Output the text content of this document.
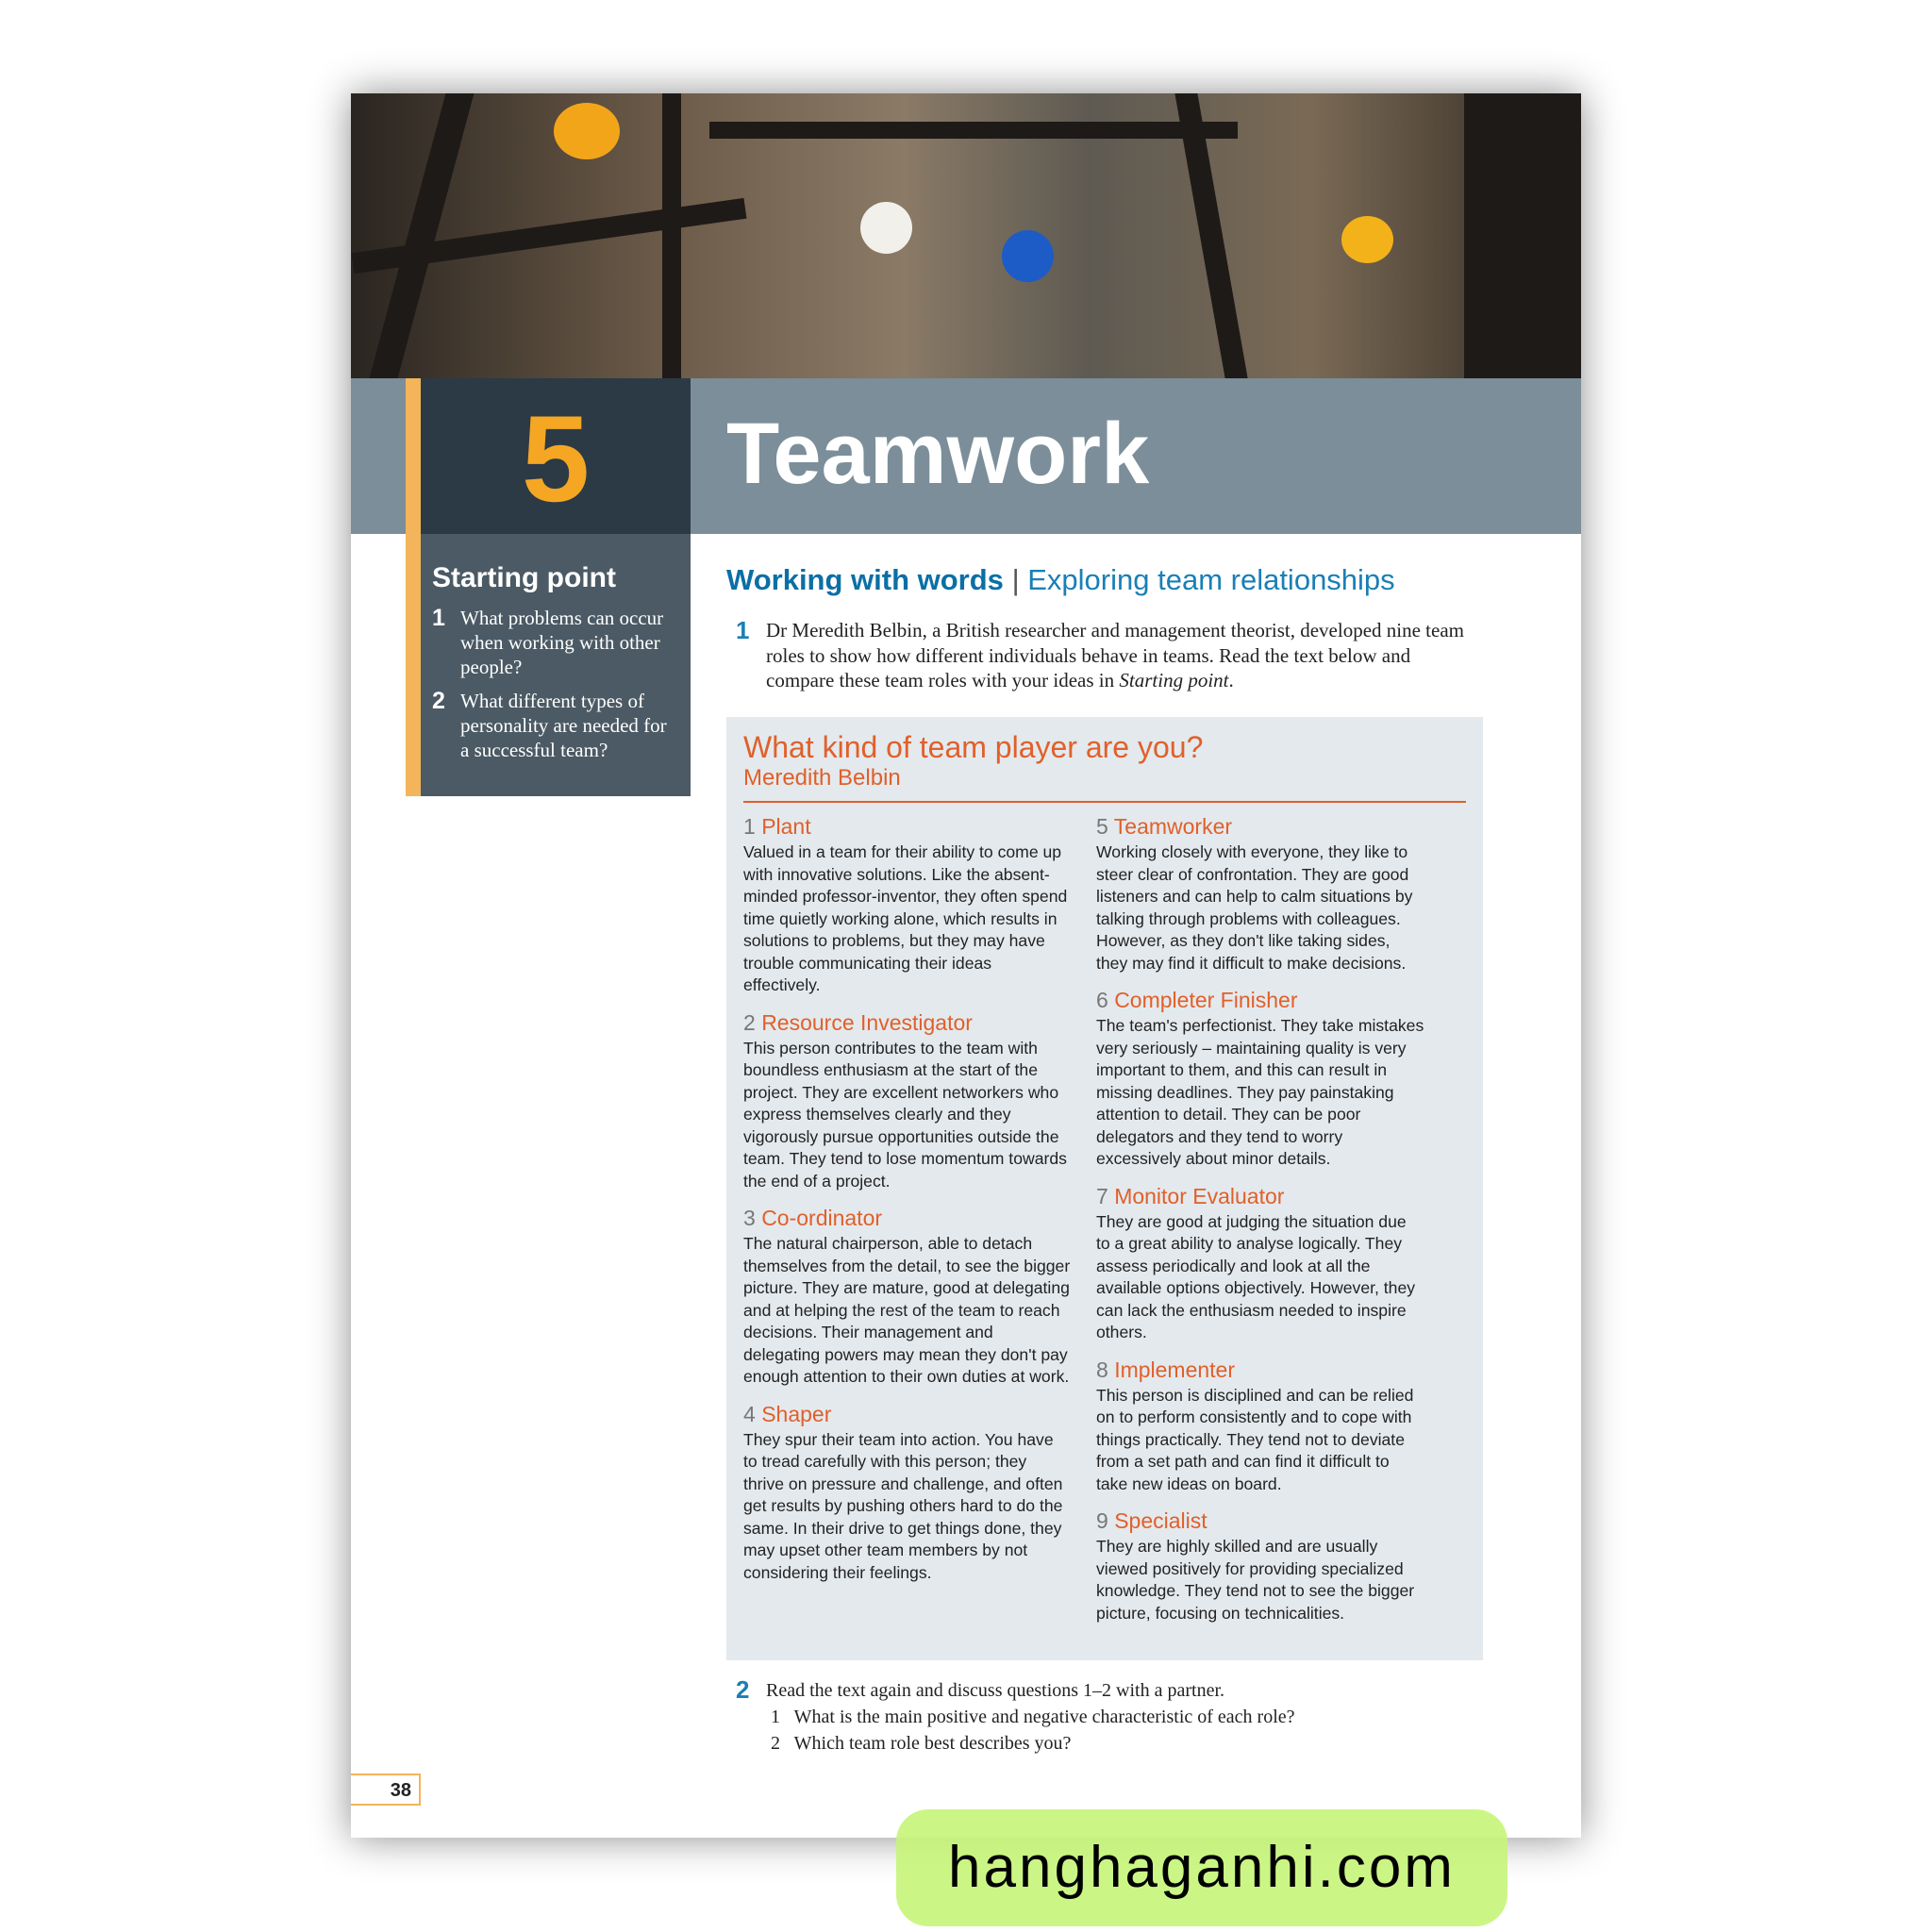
5	Teamwork
Starting point
1 What problems can occur when working with other people?
2 What different types of personality are needed for a successful team?
Working with words | Exploring team relationships
1 Dr Meredith Belbin, a British researcher and management theorist, developed nine team roles to show how different individuals behave in teams. Read the text below and compare these team roles with your ideas in Starting point.

What kind of team player are you?
Meredith Belbin
1 Plant

Valued in a team for their ability to come up with innovative solutions. Like the absent-minded professor-inventor, they often spend time quietly working alone, which results in solutions to problems, but they may have trouble communicating their ideas effectively.

2 Resource Investigator

This person contributes to the team with boundless enthusiasm at the start of the project. They are excellent networkers who express themselves clearly and they vigorously pursue opportunities outside the team. They tend to lose momentum towards the end of a project.

3 Co-ordinator

The natural chairperson, able to detach themselves from the detail, to see the bigger picture. They are mature, good at delegating and at helping the rest of the team to reach decisions. Their management and delegating powers may mean they don't pay enough attention to their own duties at work.

4 Shaper

They spur their team into action. You have to tread carefully with this person; they thrive on pressure and challenge, and often get results by pushing others hard to do the same. In their drive to get things done, they may upset other team members by not considering their feelings.

5 Teamworker

Working closely with everyone, they like to steer clear of confrontation. They are good listeners and can help to calm situations by talking through problems with colleagues. However, as they don't like taking sides, they may find it difficult to make decisions.

6 Completer Finisher

The team's perfectionist. They take mistakes very seriously – maintaining quality is very important to them, and this can result in missing deadlines. They pay painstaking attention to detail. They can be poor delegators and they tend to worry excessively about minor details.

7 Monitor Evaluator

They are good at judging the situation due to a great ability to analyse logically. They assess periodically and look at all the available options objectively. However, they can lack the enthusiasm needed to inspire others.

8 Implementer

This person is disciplined and can be relied on to perform consistently and to cope with things practically. They tend not to deviate from a set path and can find it difficult to take new ideas on board.

9 Specialist

They are highly skilled and are usually viewed positively for providing specialized knowledge. They tend not to see the bigger picture, focusing on technicalities.

2 Read the text again and discuss questions 1–2 with a partner.

1 What is the main positive and negative characteristic of each role?

2 Which team role best describes you?

38
hanghaganhi.com
